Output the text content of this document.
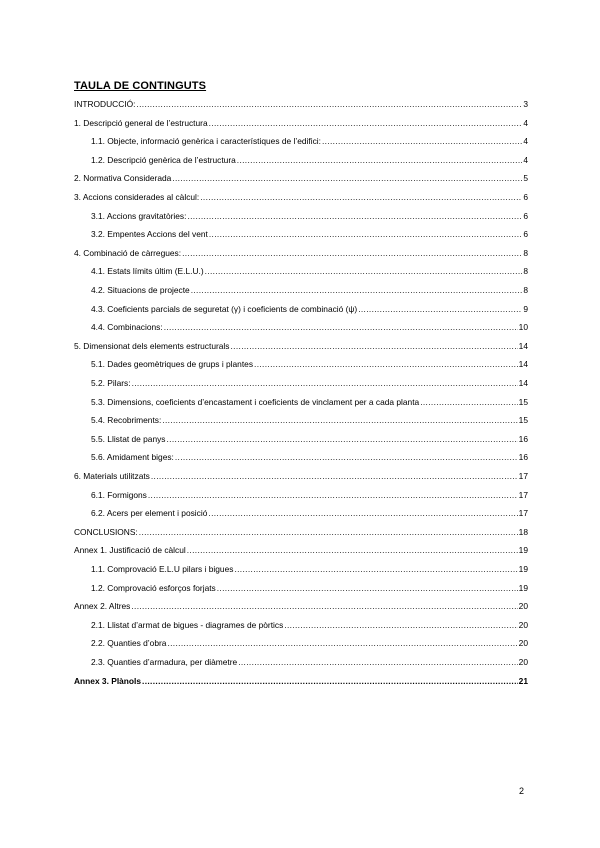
TAULA DE CONTINGUTS
INTRODUCCIÓ: .....	3
1. Descripció general de l’estructura .....	4
1.1. Objecte, informació genèrica i característiques de l’edifici: .....	4
1.2. Descripció genèrica de l’estructura .....	4
2. Normativa Considerada .....	5
3. Accions considerades al càlcul: .....	6
3.1. Accions gravitatòries: .....	6
3.2. Empentes Accions del vent .....	6
4. Combinació de càrregues: .....	8
4.1. Estats límits últim (E.L.U.) .....	8
4.2. Situacions de projecte .....	8
4.3. Coeficients parcials de seguretat (γ) i coeficients de combinació (ψ) .....	9
4.4. Combinacions: .....	10
5. Dimensionat dels elements estructurals .....	14
5.1. Dades geomètriques de grups i plantes .....	14
5.2. Pilars: .....	14
5.3. Dimensions, coeficients d’encastament i coeficients de vinclament per a cada planta .....	15
5.4. Recobriments: .....	15
5.5. Llistat de panys .....	16
5.6. Amidament biges: .....	16
6. Materials utilitzats .....	17
6.1. Formigons .....	17
6.2. Acers per element i posició .....	17
CONCLUSIONS: .....	18
Annex 1. Justificació de càlcul .....	19
1.1. Comprovació E.L.U pilars i bigues .....	19
1.2. Comprovació esforços forjats .....	19
Annex 2. Altres .....	20
2.1. Llistat d’armat de bigues - diagrames de pòrtics .....	20
2.2. Quanties d’obra .....	20
2.3. Quanties d’armadura, per diàmetre .....	20
Annex 3. Plànols .....	21
2
